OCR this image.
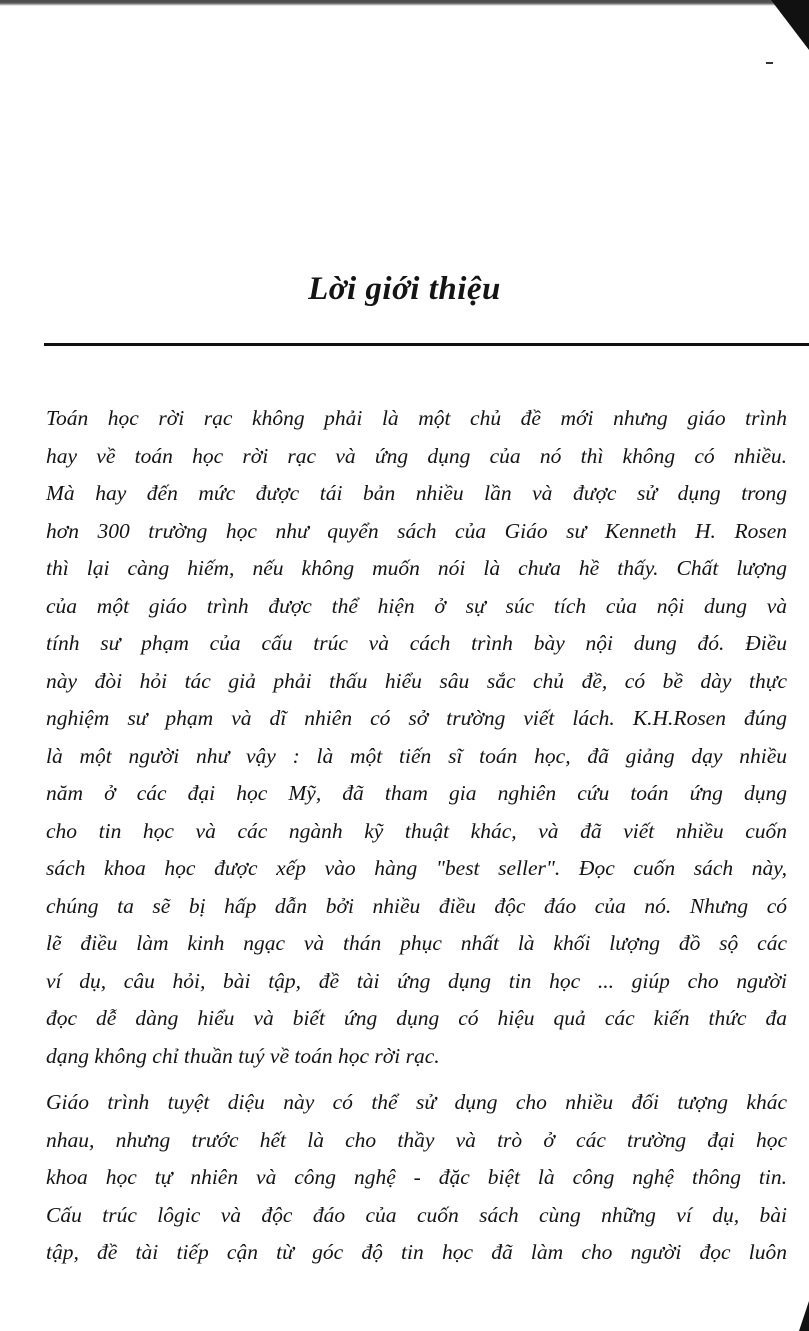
Lời giới thiệu
Toán học rời rạc không phải là một chủ đề mới nhưng giáo trình
hay về toán học rời rạc và ứng dụng của nó thì không có nhiều.
Mà hay đến mức được tái bản nhiều lần và được sử dụng trong
hơn 300 trường học như quyển sách của Giáo sư Kenneth H. Rosen
thì lại càng hiếm, nếu không muốn nói là chưa hề thấy. Chất lượng
của một giáo trình được thể hiện ở sự súc tích của nội dung và
tính sư phạm của cấu trúc và cách trình bày nội dung đó. Điều
này đòi hỏi tác giả phải thấu hiểu sâu sắc chủ đề, có bề dày thực
nghiệm sư phạm và dĩ nhiên có sở trường viết lách. K.H.Rosen đúng
là một người như vậy : là một tiến sĩ toán học, đã giảng dạy nhiều
năm ở các đại học Mỹ, đã tham gia nghiên cứu toán ứng dụng
cho tin học và các ngành kỹ thuật khác, và đã viết nhiều cuốn
sách khoa học được xếp vào hàng "best seller". Đọc cuốn sách này,
chúng ta sẽ bị hấp dẫn bởi nhiều điều độc đáo của nó. Nhưng có
lẽ điều làm kinh ngạc và thán phục nhất là khối lượng đồ sộ các
ví dụ, câu hỏi, bài tập, đề tài ứng dụng tin học ... giúp cho người
đọc dễ dàng hiểu và biết ứng dụng có hiệu quả các kiến thức đa
dạng không chỉ thuần tuý về toán học rời rạc.
Giáo trình tuyệt diệu này có thể sử dụng cho nhiều đối tượng khác
nhau, nhưng trước hết là cho thầy và trò ở các trường đại học
khoa học tự nhiên và công nghệ - đặc biệt là công nghệ thông tin.
Cấu trúc lôgic và độc đáo của cuốn sách cùng những ví dụ, bài
tập, đề tài tiếp cận từ góc độ tin học đã làm cho người đọc luôn
